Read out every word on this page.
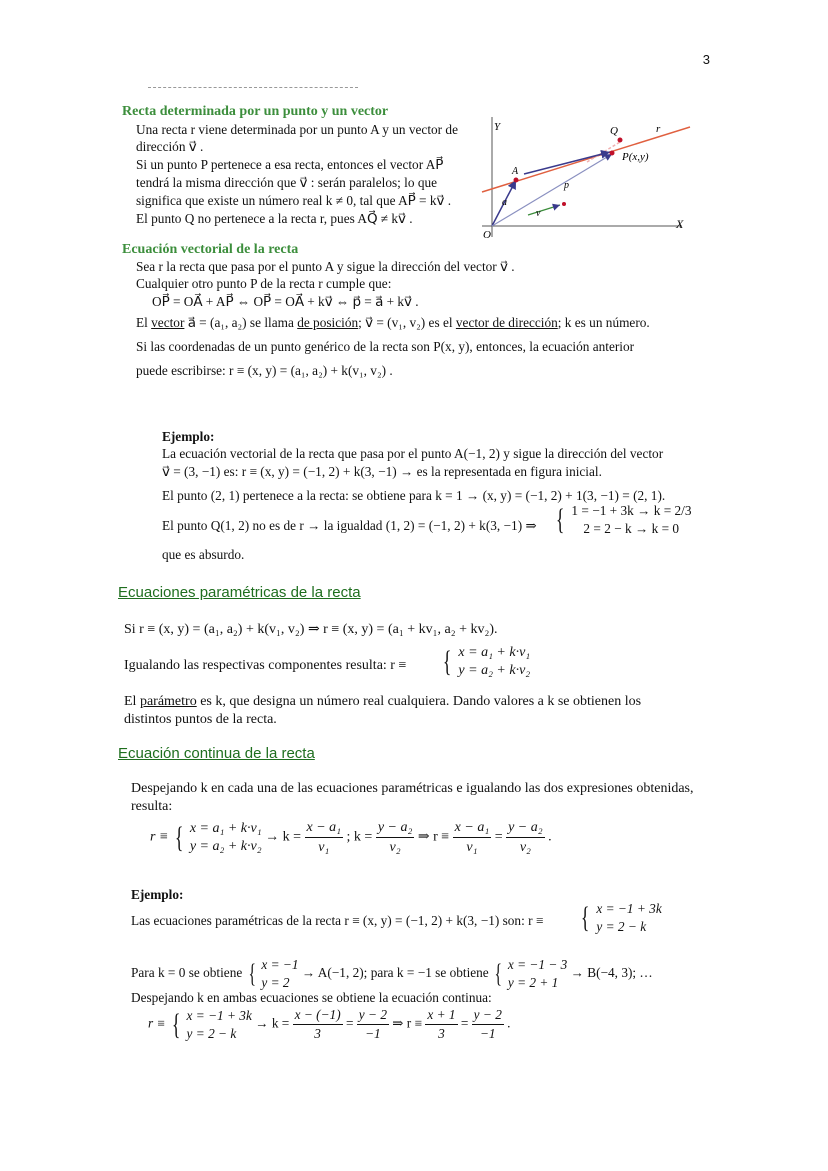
3
Recta determinada por un punto y un vector
Una recta r viene determinada por un punto A y un vector de
dirección v⃗ .
Si un punto P pertenece a esa recta, entonces el vector AP⃗
tendrá la misma dirección que v⃗ : serán paralelos; lo que
significa que existe un número real k ≠ 0, tal que AP⃗ = kv⃗ .
El punto Q no pertenece a la recta r, pues AQ⃗ ≠ kv⃗ .
Y
X
O
Q	r
P(x,y)
A
p⃗
a⃗
v⃗
Ecuación vectorial de la recta
Sea r la recta que pasa por el punto A y sigue la dirección del vector v⃗ .
Cualquier otro punto P de la recta r cumple que:
OP⃗ = OA⃗ + AP⃗ ⇔ OP⃗ = OA⃗ + kv⃗ ⇔ p⃗ = a⃗ + kv⃗ .
El vector a⃗ = (a₁, a₂) se llama de posición; v⃗ = (v₁, v₂) es el vector de dirección; k es un número.
Si las coordenadas de un punto genérico de la recta son P(x, y), entonces, la ecuación anterior
puede escribirse: r ≡ (x, y) = (a₁, a₂) + k(v₁, v₂) .
Ejemplo:
La ecuación vectorial de la recta que pasa por el punto A(−1, 2) y sigue la dirección del vector
v⃗ = (3, −1) es: r ≡ (x, y) = (−1, 2) + k(3, −1) → es la representada en figura inicial.
El punto (2, 1) pertenece a la recta: se obtiene para k = 1 → (x, y) = (−1, 2) + 1(3, −1) = (2, 1).
El punto Q(1, 2) no es de r → la igualdad (1, 2) = (−1, 2) + k(3, −1) ⇒ { 1 = −1 + 3k → k = 2/3
2 = 2 − k → k = 0
que es absurdo.
Ecuaciones paramétricas de la recta
Si r ≡ (x, y) = (a₁, a₂) + k(v₁, v₂) ⇒ r ≡ (x, y) = (a₁ + kv₁, a₂ + kv₂).
Igualando las respectivas componentes resulta: r ≡ { x = a₁ + k·v₁
y = a₂ + k·v₂
El parámetro es k, que designa un número real cualquiera. Dando valores a k se obtienen los
distintos puntos de la recta.
Ecuación continua de la recta
Despejando k en cada una de las ecuaciones paramétricas e igualando las dos expresiones obtenidas,
resulta:
r ≡ { x = a₁ + k·v₁
y = a₂ + k·v₂
→ $k = \frac{\text{x − a₁}}{\text{v₁}}$ ; $k = \frac{\text{y − a₂}}{\text{v₂}}$ ⇒ $r \equiv \frac{\text{x − a₁}}{\text{v₁}} = \frac{\text{y − a₂}}{\text{v₂}}$ .
Ejemplo:
Las ecuaciones paramétricas de la recta r ≡ (x, y) = (−1, 2) + k(3, −1) son: r ≡ { x = −1 + 3k
y = 2 − k
Para k = 0 se obtiene { x = −1
y = 2
→ A(−1, 2); para k = −1 se obtiene { x = −1 − 3
y = 2 + 1
→ B(−4, 3); …
Despejando k en ambas ecuaciones se obtiene la ecuación continua:
r ≡ { x = −1 + 3k
y = 2 − k
→ $k = \frac{x - (-1)}{3} = \frac{y - 2}{-1}$ ⇒ $r \equiv \frac{x + 1}{3} = \frac{y - 2}{-1}$ .
